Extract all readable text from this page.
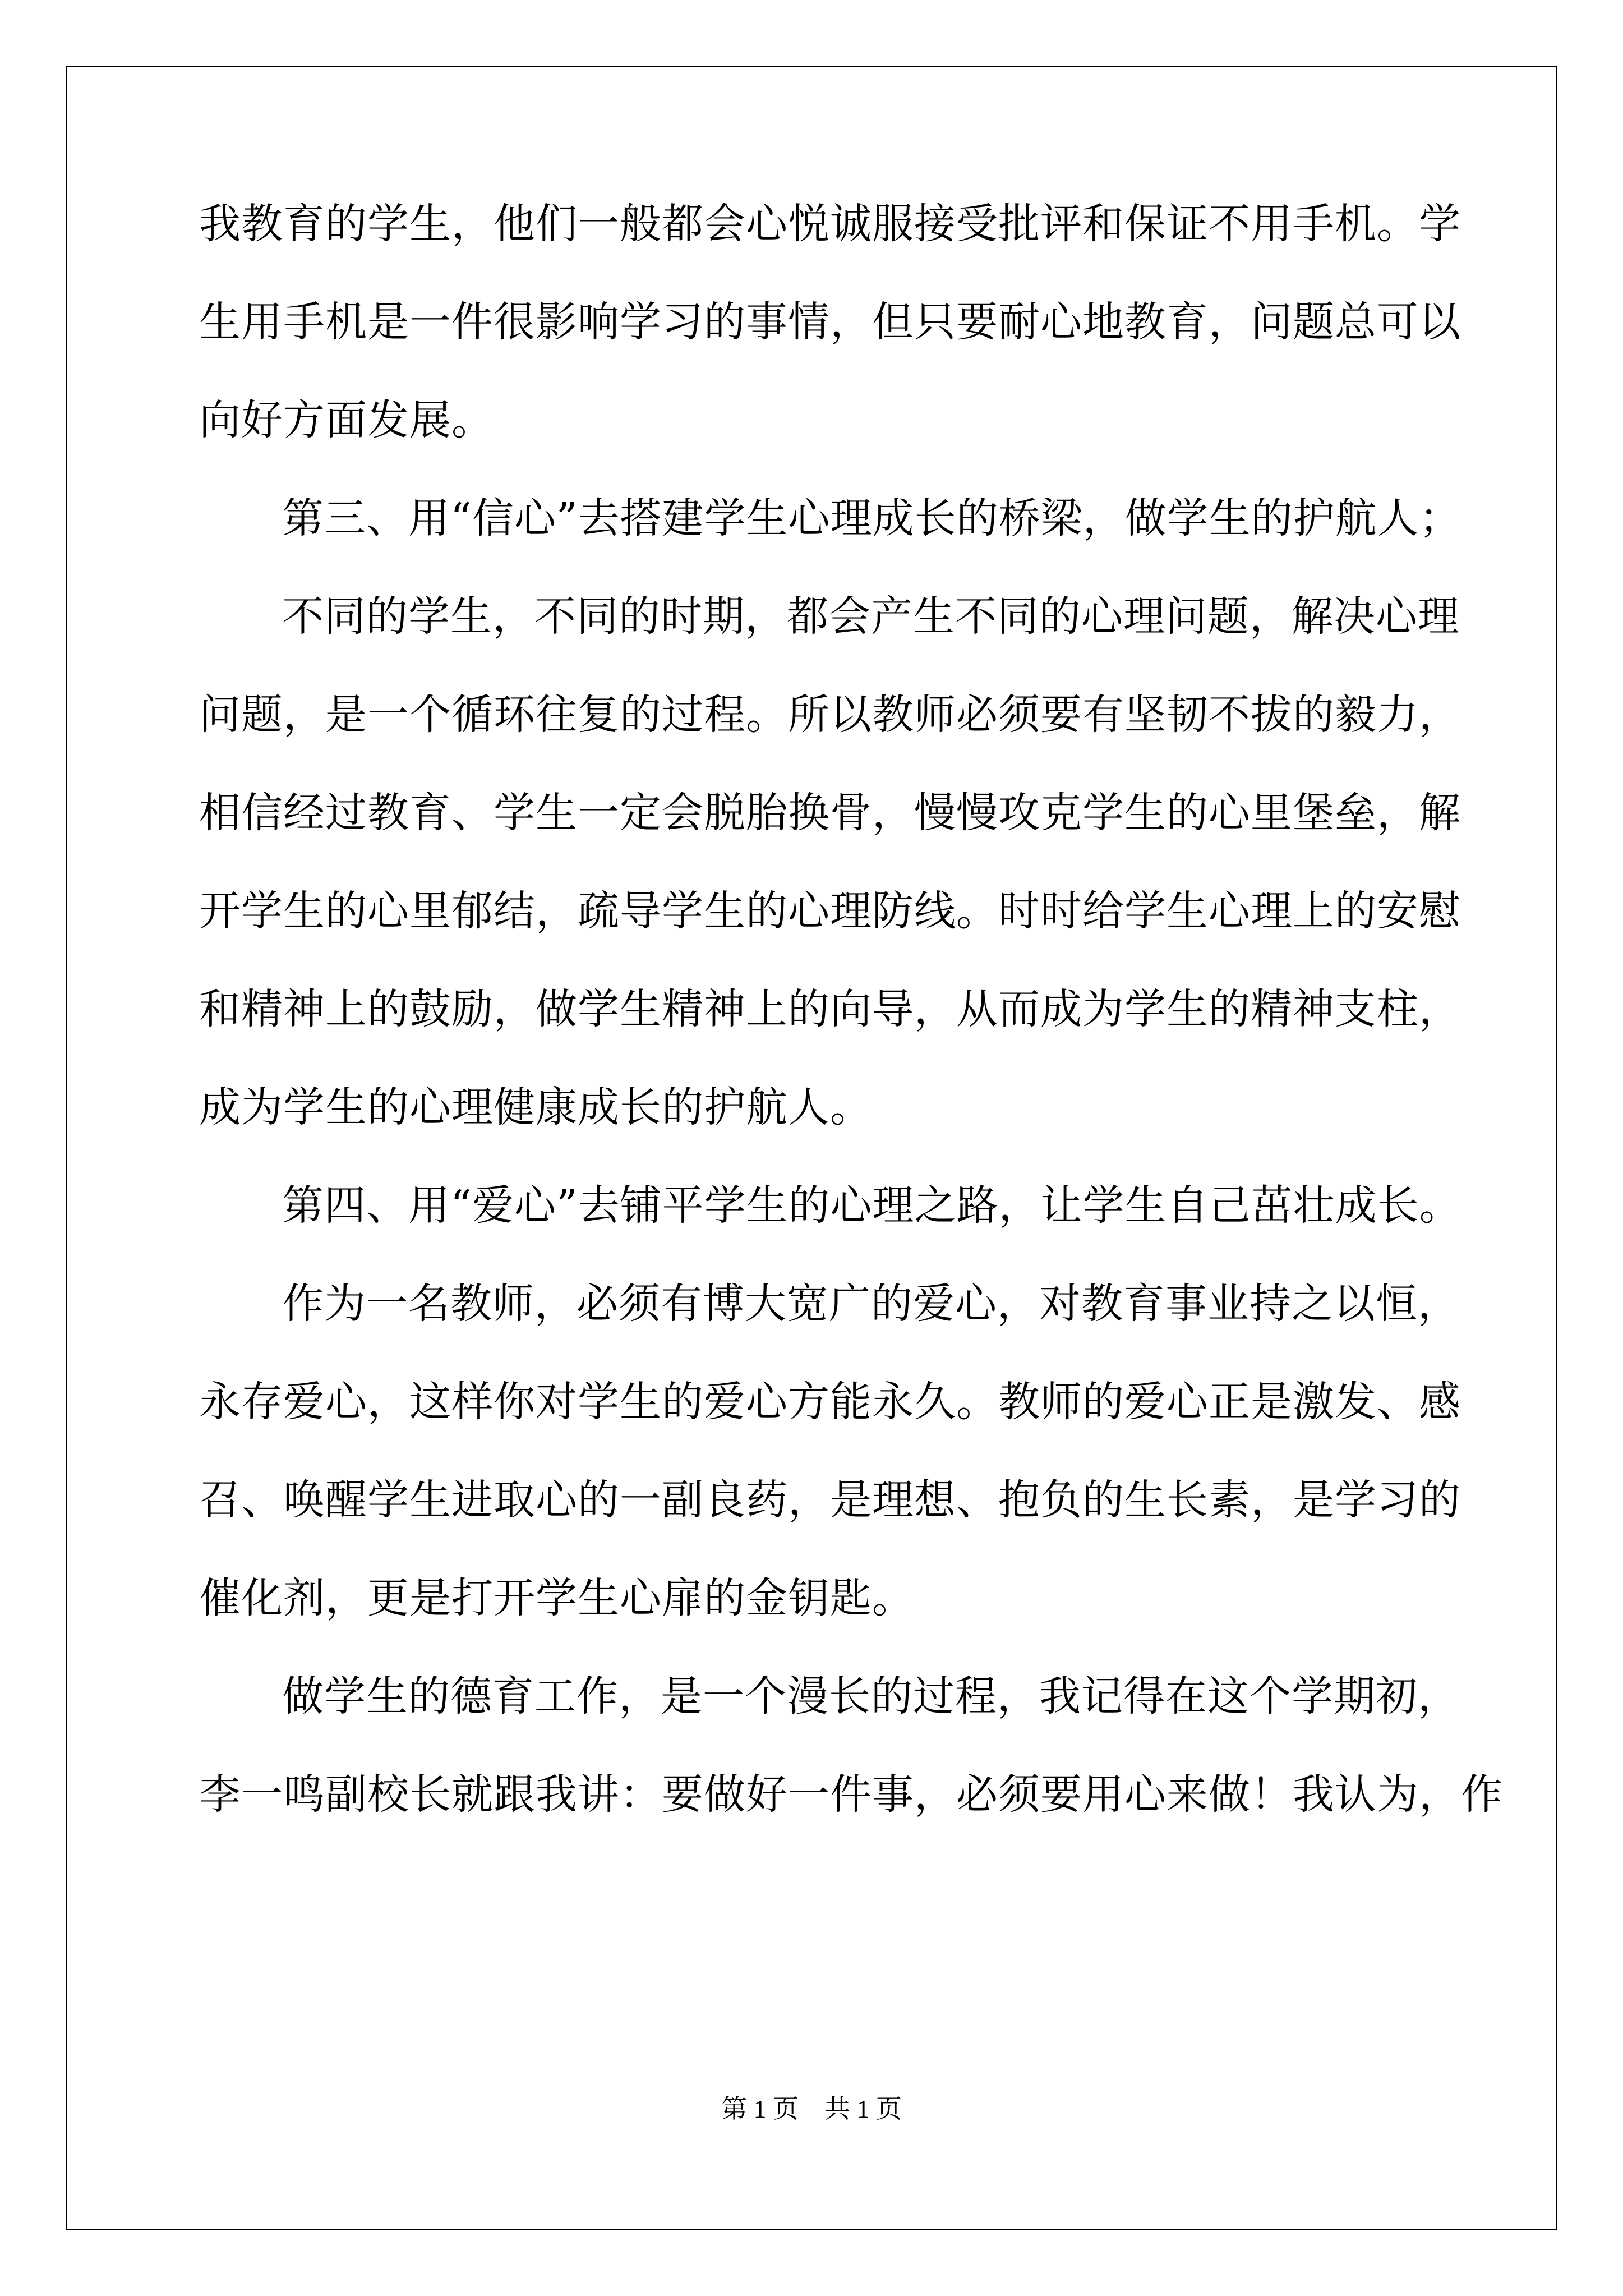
我教育的学生，他们一般都会心悦诚服接受批评和保证不用手机。学
生用手机是一件很影响学习的事情，但只要耐心地教育，问题总可以
向好方面发展。
第三、用“信心”去搭建学生心理成长的桥梁，做学生的护航人；
不同的学生，不同的时期，都会产生不同的心理问题，解决心理
问题，是一个循环往复的过程。所以教师必须要有坚韧不拔的毅力，
相信经过教育、学生一定会脱胎换骨，慢慢攻克学生的心里堡垒，解
开学生的心里郁结，疏导学生的心理防线。时时给学生心理上的安慰
和精神上的鼓励，做学生精神上的向导，从而成为学生的精神支柱，
成为学生的心理健康成长的护航人。
第四、用“爱心”去铺平学生的心理之路，让学生自己茁壮成长。
作为一名教师，必须有博大宽广的爱心，对教育事业持之以恒，
永存爱心，这样你对学生的爱心方能永久。教师的爱心正是激发、感
召、唤醒学生进取心的一副良药，是理想、抱负的生长素，是学习的
催化剂，更是打开学生心扉的金钥匙。
做学生的德育工作，是一个漫长的过程，我记得在这个学期初，
李一鸣副校长就跟我讲：要做好一件事，必须要用心来做！我认为，作
第 1 页　共 1 页
